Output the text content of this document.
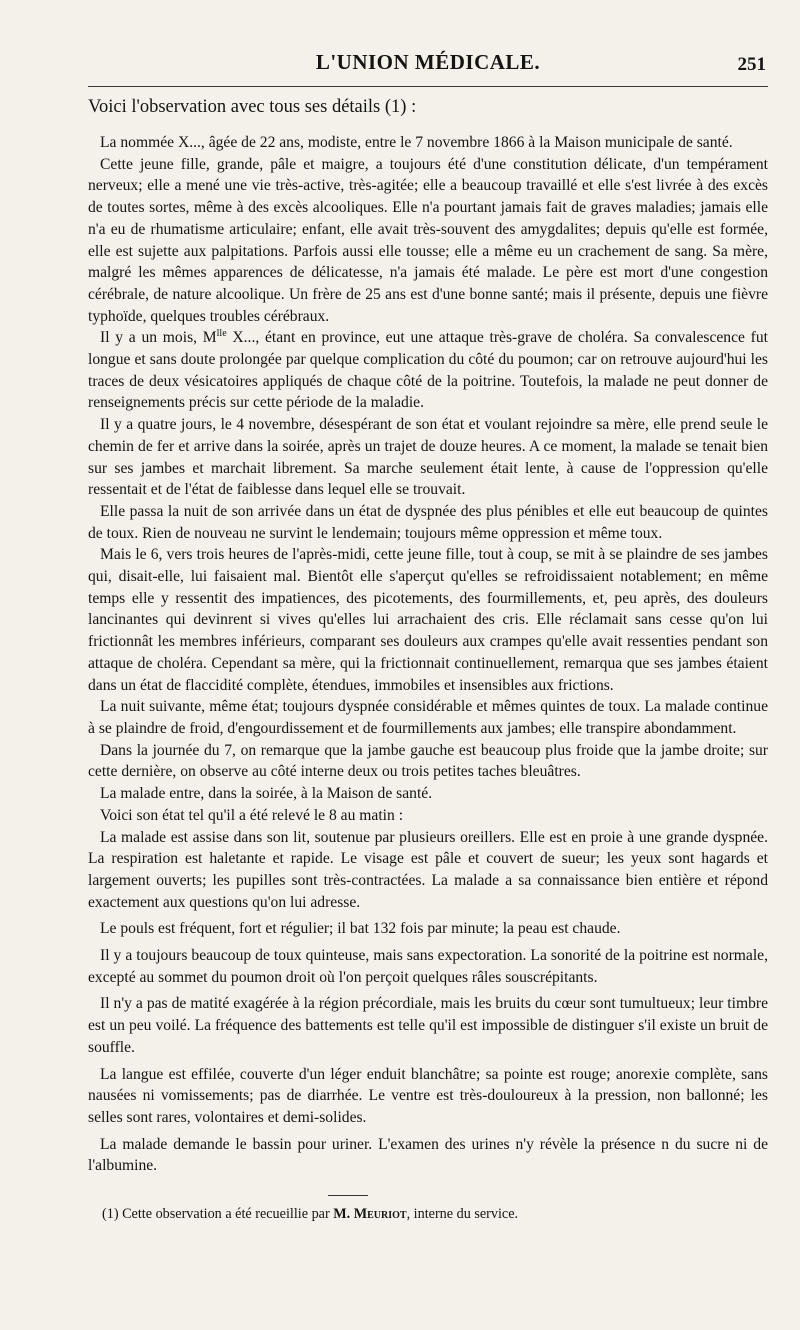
L'UNION MÉDICALE.	251
Voici l'observation avec tous ses détails (1) :

La nommée X..., âgée de 22 ans, modiste, entre le 7 novembre 1866 à la Maison municipale de santé.

Cette jeune fille, grande, pâle et maigre, a toujours été d'une constitution délicate, d'un tempérament nerveux; elle a mené une vie très-active, très-agitée; elle a beaucoup travaillé et elle s'est livrée à des excès de toutes sortes, même à des excès alcooliques. Elle n'a pourtant jamais fait de graves maladies; jamais elle n'a eu de rhumatisme articulaire; enfant, elle avait très-souvent des amygdalites; depuis qu'elle est formée, elle est sujette aux palpitations. Parfois aussi elle tousse; elle a même eu un crachement de sang. Sa mère, malgré les mêmes apparences de délicatesse, n'a jamais été malade. Le père est mort d'une congestion cérébrale, de nature alcoolique. Un frère de 25 ans est d'une bonne santé; mais il présente, depuis une fièvre typhoïde, quelques troubles cérébraux.

Il y a un mois, $M^{lle}$ X..., étant en province, eut une attaque très-grave de choléra. Sa convalescence fut longue et sans doute prolongée par quelque complication du côté du poumon; car on retrouve aujourd'hui les traces de deux vésicatoires appliqués de chaque côté de la poitrine. Toutefois, la malade ne peut donner de renseignements précis sur cette période de la maladie.

Il y a quatre jours, le 4 novembre, désespérant de son état et voulant rejoindre sa mère, elle prend seule le chemin de fer et arrive dans la soirée, après un trajet de douze heures. A ce moment, la malade se tenait bien sur ses jambes et marchait librement. Sa marche seulement était lente, à cause de l'oppression qu'elle ressentait et de l'état de faiblesse dans lequel elle se trouvait.

Elle passa la nuit de son arrivée dans un état de dyspnée des plus pénibles et elle eut beaucoup de quintes de toux. Rien de nouveau ne survint le lendemain; toujours même oppression et même toux.

Mais le 6, vers trois heures de l'après-midi, cette jeune fille, tout à coup, se mit à se plaindre de ses jambes qui, disait-elle, lui faisaient mal. Bientôt elle s'aperçut qu'elles se refroidissaient notablement; en même temps elle y ressentit des impatiences, des picotements, des fourmillements, et, peu après, des douleurs lancinantes qui devinrent si vives qu'elles lui arrachaient des cris. Elle réclamait sans cesse qu'on lui frictionnât les membres inférieurs, comparant ses douleurs aux crampes qu'elle avait ressenties pendant son attaque de choléra. Cependant sa mère, qui la frictionnait continuellement, remarqua que ses jambes étaient dans un état de flaccidité complète, étendues, immobiles et insensibles aux frictions.

La nuit suivante, même état; toujours dyspnée considérable et mêmes quintes de toux. La malade continue à se plaindre de froid, d'engourdissement et de fourmillements aux jambes; elle transpire abondamment.

Dans la journée du 7, on remarque que la jambe gauche est beaucoup plus froide que la jambe droite; sur cette dernière, on observe au côté interne deux ou trois petites taches bleuâtres.

La malade entre, dans la soirée, à la Maison de santé.

Voici son état tel qu'il a été relevé le 8 au matin :

La malade est assise dans son lit, soutenue par plusieurs oreillers. Elle est en proie à une grande dyspnée. La respiration est haletante et rapide. Le visage est pâle et couvert de sueur; les yeux sont hagards et largement ouverts; les pupilles sont très-contractées. La malade a sa connaissance bien entière et répond exactement aux questions qu'on lui adresse.

Le pouls est fréquent, fort et régulier; il bat 132 fois par minute; la peau est chaude.

Il y a toujours beaucoup de toux quinteuse, mais sans expectoration. La sonorité de la poitrine est normale, excepté au sommet du poumon droit où l'on perçoit quelques râles souscrépitants.

Il n'y a pas de matité exagérée à la région précordiale, mais les bruits du cœur sont tumultueux; leur timbre est un peu voilé. La fréquence des battements est telle qu'il est impossible de distinguer s'il existe un bruit de souffle.

La langue est effilée, couverte d'un léger enduit blanchâtre; sa pointe est rouge; anorexie complète, sans nausées ni vomissements; pas de diarrhée. Le ventre est très-douloureux à la pression, non ballonné; les selles sont rares, volontaires et demi-solides.

La malade demande le bassin pour uriner. L'examen des urines n'y révèle la présence n du sucre ni de l'albumine.

(1) Cette observation a été recueillie par M. Meuriot, interne du service.
